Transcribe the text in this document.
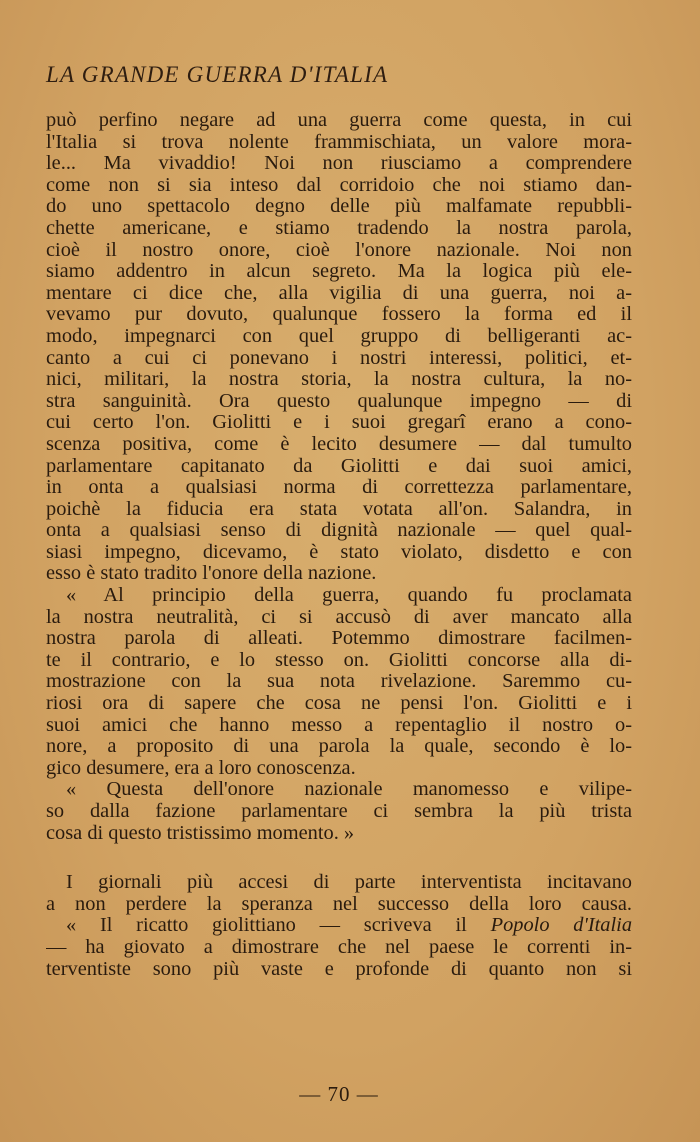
LA GRANDE GUERRA D'ITALIA
può perfino negare ad una guerra come questa, in cui
l'Italia si trova nolente frammischiata, un valore mora-
le... Ma vivaddio! Noi non riusciamo a comprendere
come non si sia inteso dal corridoio che noi stiamo dan-
do uno spettacolo degno delle più malfamate repubbli-
chette americane, e stiamo tradendo la nostra parola,
cioè il nostro onore, cioè l'onore nazionale. Noi non
siamo addentro in alcun segreto. Ma la logica più ele-
mentare ci dice che, alla vigilia di una guerra, noi a-
vevamo pur dovuto, qualunque fossero la forma ed il
modo, impegnarci con quel gruppo di belligeranti ac-
canto a cui ci ponevano i nostri interessi, politici, et-
nici, militari, la nostra storia, la nostra cultura, la no-
stra sanguinità. Ora questo qualunque impegno — di
cui certo l'on. Giolitti e i suoi gregarî erano a cono-
scenza positiva, come è lecito desumere — dal tumulto
parlamentare capitanato da Giolitti e dai suoi amici,
in onta a qualsiasi norma di correttezza parlamentare,
poichè la fiducia era stata votata all'on. Salandra, in
onta a qualsiasi senso di dignità nazionale — quel qual-
siasi impegno, dicevamo, è stato violato, disdetto e con
esso è stato tradito l'onore della nazione.
« Al principio della guerra, quando fu proclamata
la nostra neutralità, ci si accusò di aver mancato alla
nostra parola di alleati. Potemmo dimostrare facilmen-
te il contrario, e lo stesso on. Giolitti concorse alla di-
mostrazione con la sua nota rivelazione. Saremmo cu-
riosi ora di sapere che cosa ne pensi l'on. Giolitti e i
suoi amici che hanno messo a repentaglio il nostro o-
nore, a proposito di una parola la quale, secondo è lo-
gico desumere, era a loro conoscenza.
« Questa dell'onore nazionale manomesso e vilipe-
so dalla fazione parlamentare ci sembra la più trista
cosa di questo tristissimo momento. »
I giornali più accesi di parte interventista incitavano
a non perdere la speranza nel successo della loro causa.
« Il ricatto giolittiano — scriveva il Popolo d'Italia
— ha giovato a dimostrare che nel paese le correnti in-
terventiste sono più vaste e profonde di quanto non si
— 70 —
